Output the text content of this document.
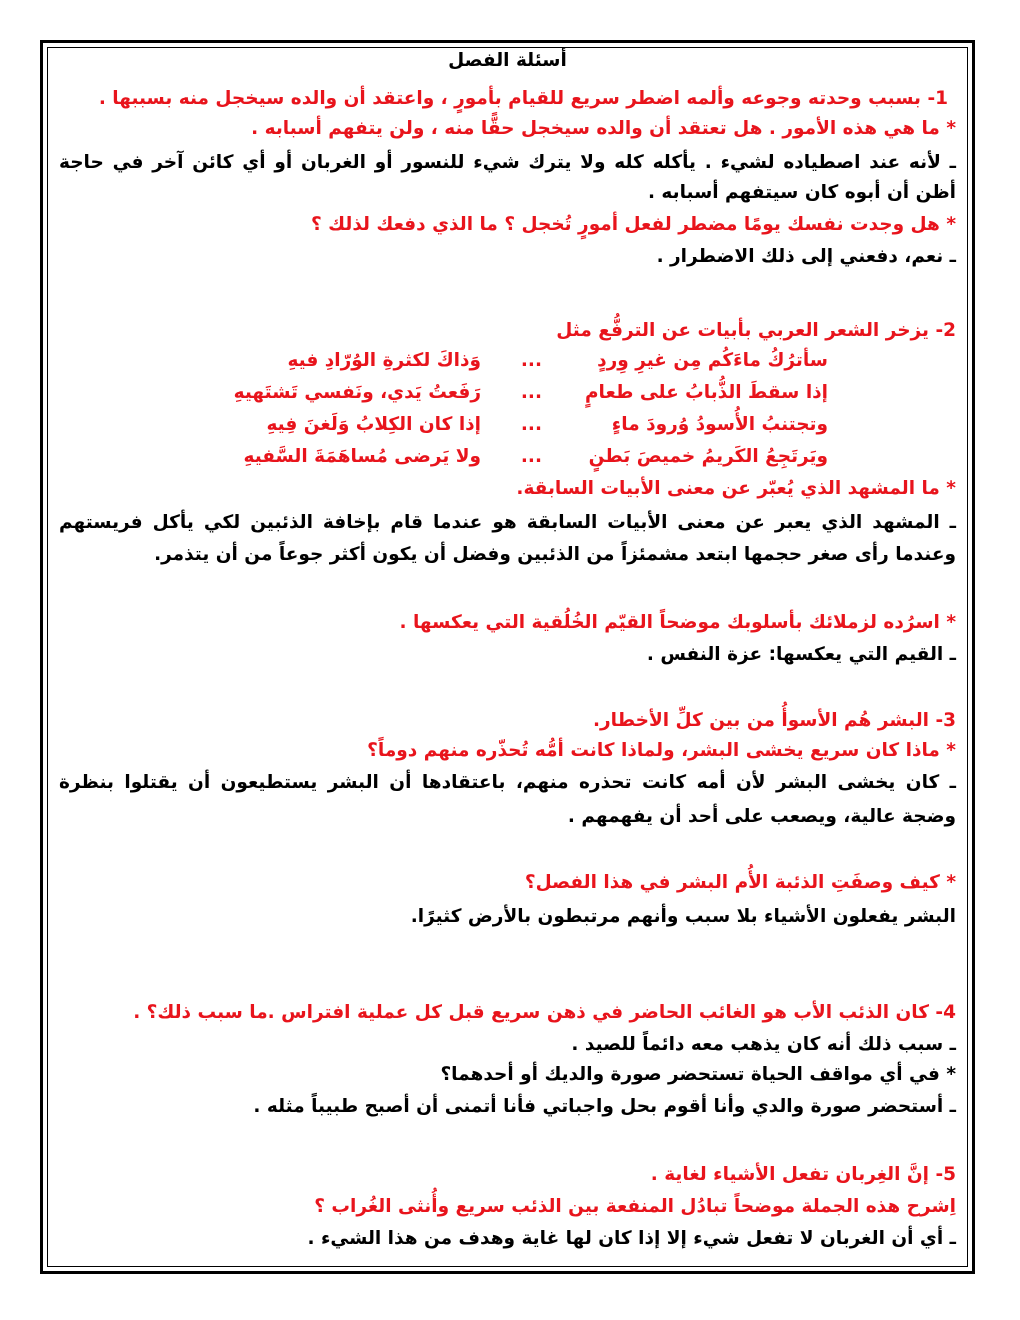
أسئلة الفصل
1- بسبب وحدته وجوعه وألمه اضطر سريع للقيام بأمورٍ ، واعتقد أن والده سيخجل منه بسببها .
* ما هي هذه الأمور . هل تعتقد أن والده سيخجل حقًّا منه ، ولن يتفهم أسبابه .
ـ لأنه عند اصطياده لشيء . يأكله كله ولا يترك شيء للنسور أو الغربان أو أي كائن آخر في حاجة
أظن أن أبوه كان سيتفهم أسبابه .
* هل وجدت نفسك يومًا مضطر لفعل أمورٍ تُخجل ؟ ما الذي دفعك لذلك ؟
ـ نعم، دفعني إلى ذلك الاضطرار .
2- يزخر الشعر العربي بأبيات عن الترفُّع مثل
سأترُكُ ماءَكُم مِن غيرِ وِردٍ
...
وَذاكَ لكثرةِ الوُرّادِ فيهِ
إذا سقطَ الذُّبابُ على طعامٍ
...
رَفَعتُ يَدي، ونَفسي تَشتَهيهِ
وتجتنبُ الأُسودُ وُرودَ ماءٍ
...
إذا كان الكِلابُ وَلَغنَ فِيهِ
ويَرتَجِعُ الكَريمُ خميصَ بَطنٍ
...
ولا يَرضى مُساهَمَةَ السَّفيهِ
* ما المشهد الذي يُعبّر عن معنى الأبيات السابقة.
ـ المشهد الذي يعبر عن معنى الأبيات السابقة هو عندما قام بإخافة الذئبين لكي يأكل فريستهم
وعندما رأى صغر حجمها ابتعد مشمئزاً من الذئبين وفضل أن يكون أكثر جوعاً من أن يتذمر.
* اسرُده لزملائك بأسلوبك موضحاً القيّم الخُلُقية التي يعكسها .
ـ القيم التي يعكسها: عزة النفس .
3- البشر هُم الأسوأُ من بين كلِّ الأخطار.
* ماذا كان سريع يخشى البشر، ولماذا كانت أمُّه تُحذّره منهم دوماً؟
ـ كان يخشى البشر لأن أمه كانت تحذره منهم، باعتقادها أن البشر يستطيعون أن يقتلوا بنظرة
وضجة عالية، ويصعب على أحد أن يفهمهم .
* كيف وصفَتِ الذئبة الأُم البشر في هذا الفصل؟
البشر يفعلون الأشياء بلا سبب وأنهم مرتبطون بالأرض كثيرًا.
4- كان الذئب الأب هو الغائب الحاضر في ذهن سريع قبل كل عملية افتراس .ما سبب ذلك؟ .
ـ سبب ذلك أنه كان يذهب معه دائماً للصيد .
* في أي مواقف الحياة تستحضر صورة والديك أو أحدهما؟
ـ أستحضر صورة والدي وأنا أقوم بحل واجباتي فأنا أتمنى أن أصبح طبيباً مثله .
5- إنَّ الغِربان تفعل الأشياء لغاية .
اِشرح هذه الجملة موضحاً تبادُل المنفعة بين الذئب سريع وأُنثى الغُراب ؟
ـ أي أن الغربان لا تفعل شيء إلا إذا كان لها غاية وهدف من هذا الشيء .
